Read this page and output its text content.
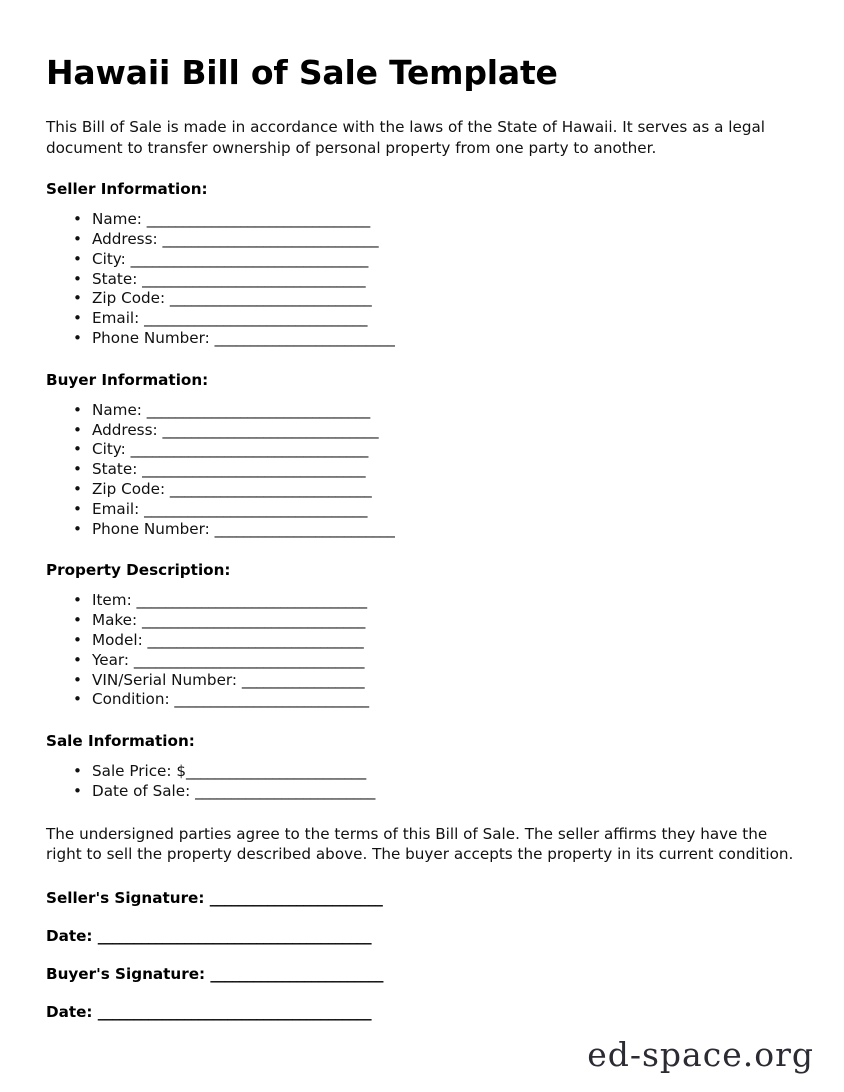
Hawaii Bill of Sale Template

This Bill of Sale is made in accordance with the laws of the State of Hawaii. It serves as a legal document to transfer ownership of personal property from one party to another.

Seller Information:
• Name: _______________________________
• Address: ______________________________
• City: _________________________________
• State: _______________________________
• Zip Code: ____________________________
• Email: _______________________________
• Phone Number: _________________________
Buyer Information:
• Name: _______________________________
• Address: ______________________________
• City: _________________________________
• State: _______________________________
• Zip Code: ____________________________
• Email: _______________________________
• Phone Number: _________________________
Property Description:
• Item: ________________________________
• Make: _______________________________
• Model: ______________________________
• Year: ________________________________
• VIN/Serial Number: _________________
• Condition: ___________________________
Sale Information:
• Sale Price: $_________________________
• Date of Sale: _________________________

The undersigned parties agree to the terms of this Bill of Sale. The seller affirms they have the right to sell the property described above. The buyer accepts the property in its current condition.

Seller's Signature: ________________________
Date: ______________________________________
Buyer's Signature: ________________________
Date: ______________________________________
ed-space.org
